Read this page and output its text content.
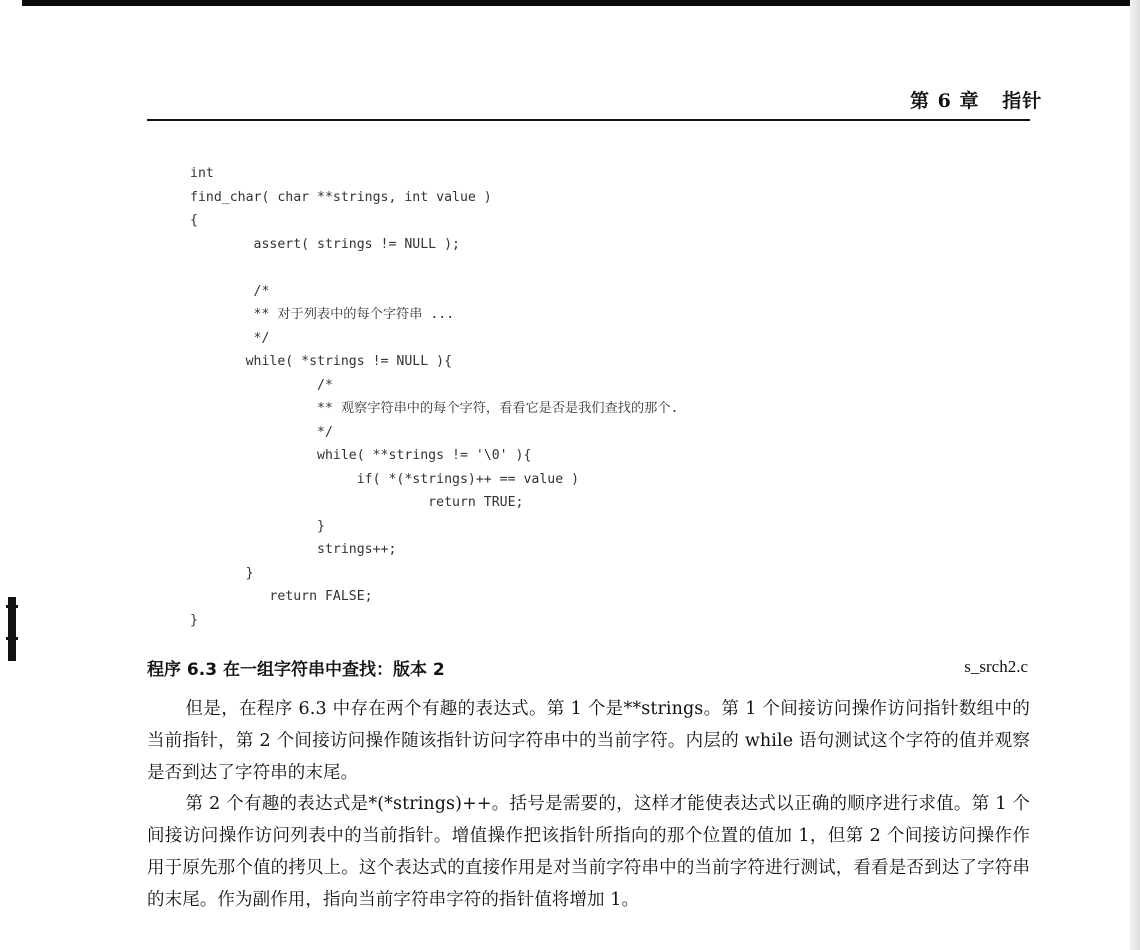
第 6 章   指针
int
find_char( char **strings, int value )
{
assert( strings != NULL );
/*
** 对于列表中的每个字符串 ...
*/
while( *strings != NULL ){
/*
** 观察字符串中的每个字符，看看它是否是我们查找的那个.
*/
while( **strings != '\0' ){
if( *(*strings)++ == value )
return TRUE;
}
strings++;
}
return FALSE;
}
程序 6.3 在一组字符串中查找：版本 2	s_srch2.c

但是，在程序 6.3 中存在两个有趣的表达式。第 1 个是**strings。第 1 个间接访问操作访问指针数组中的当前指针，第 2 个间接访问操作随该指针访问字符串中的当前字符。内层的 while 语句测试这个字符的值并观察是否到达了字符串的末尾。

第 2 个有趣的表达式是*(*strings)++。括号是需要的，这样才能使表达式以正确的顺序进行求值。第 1 个间接访问操作访问列表中的当前指针。增值操作把该指针所指向的那个位置的值加 1，但第 2 个间接访问操作作用于原先那个值的拷贝上。这个表达式的直接作用是对当前字符串中的当前字符进行测试，看看是否到达了字符串的末尾。作为副作用，指向当前字符串字符的指针值将增加 1。
